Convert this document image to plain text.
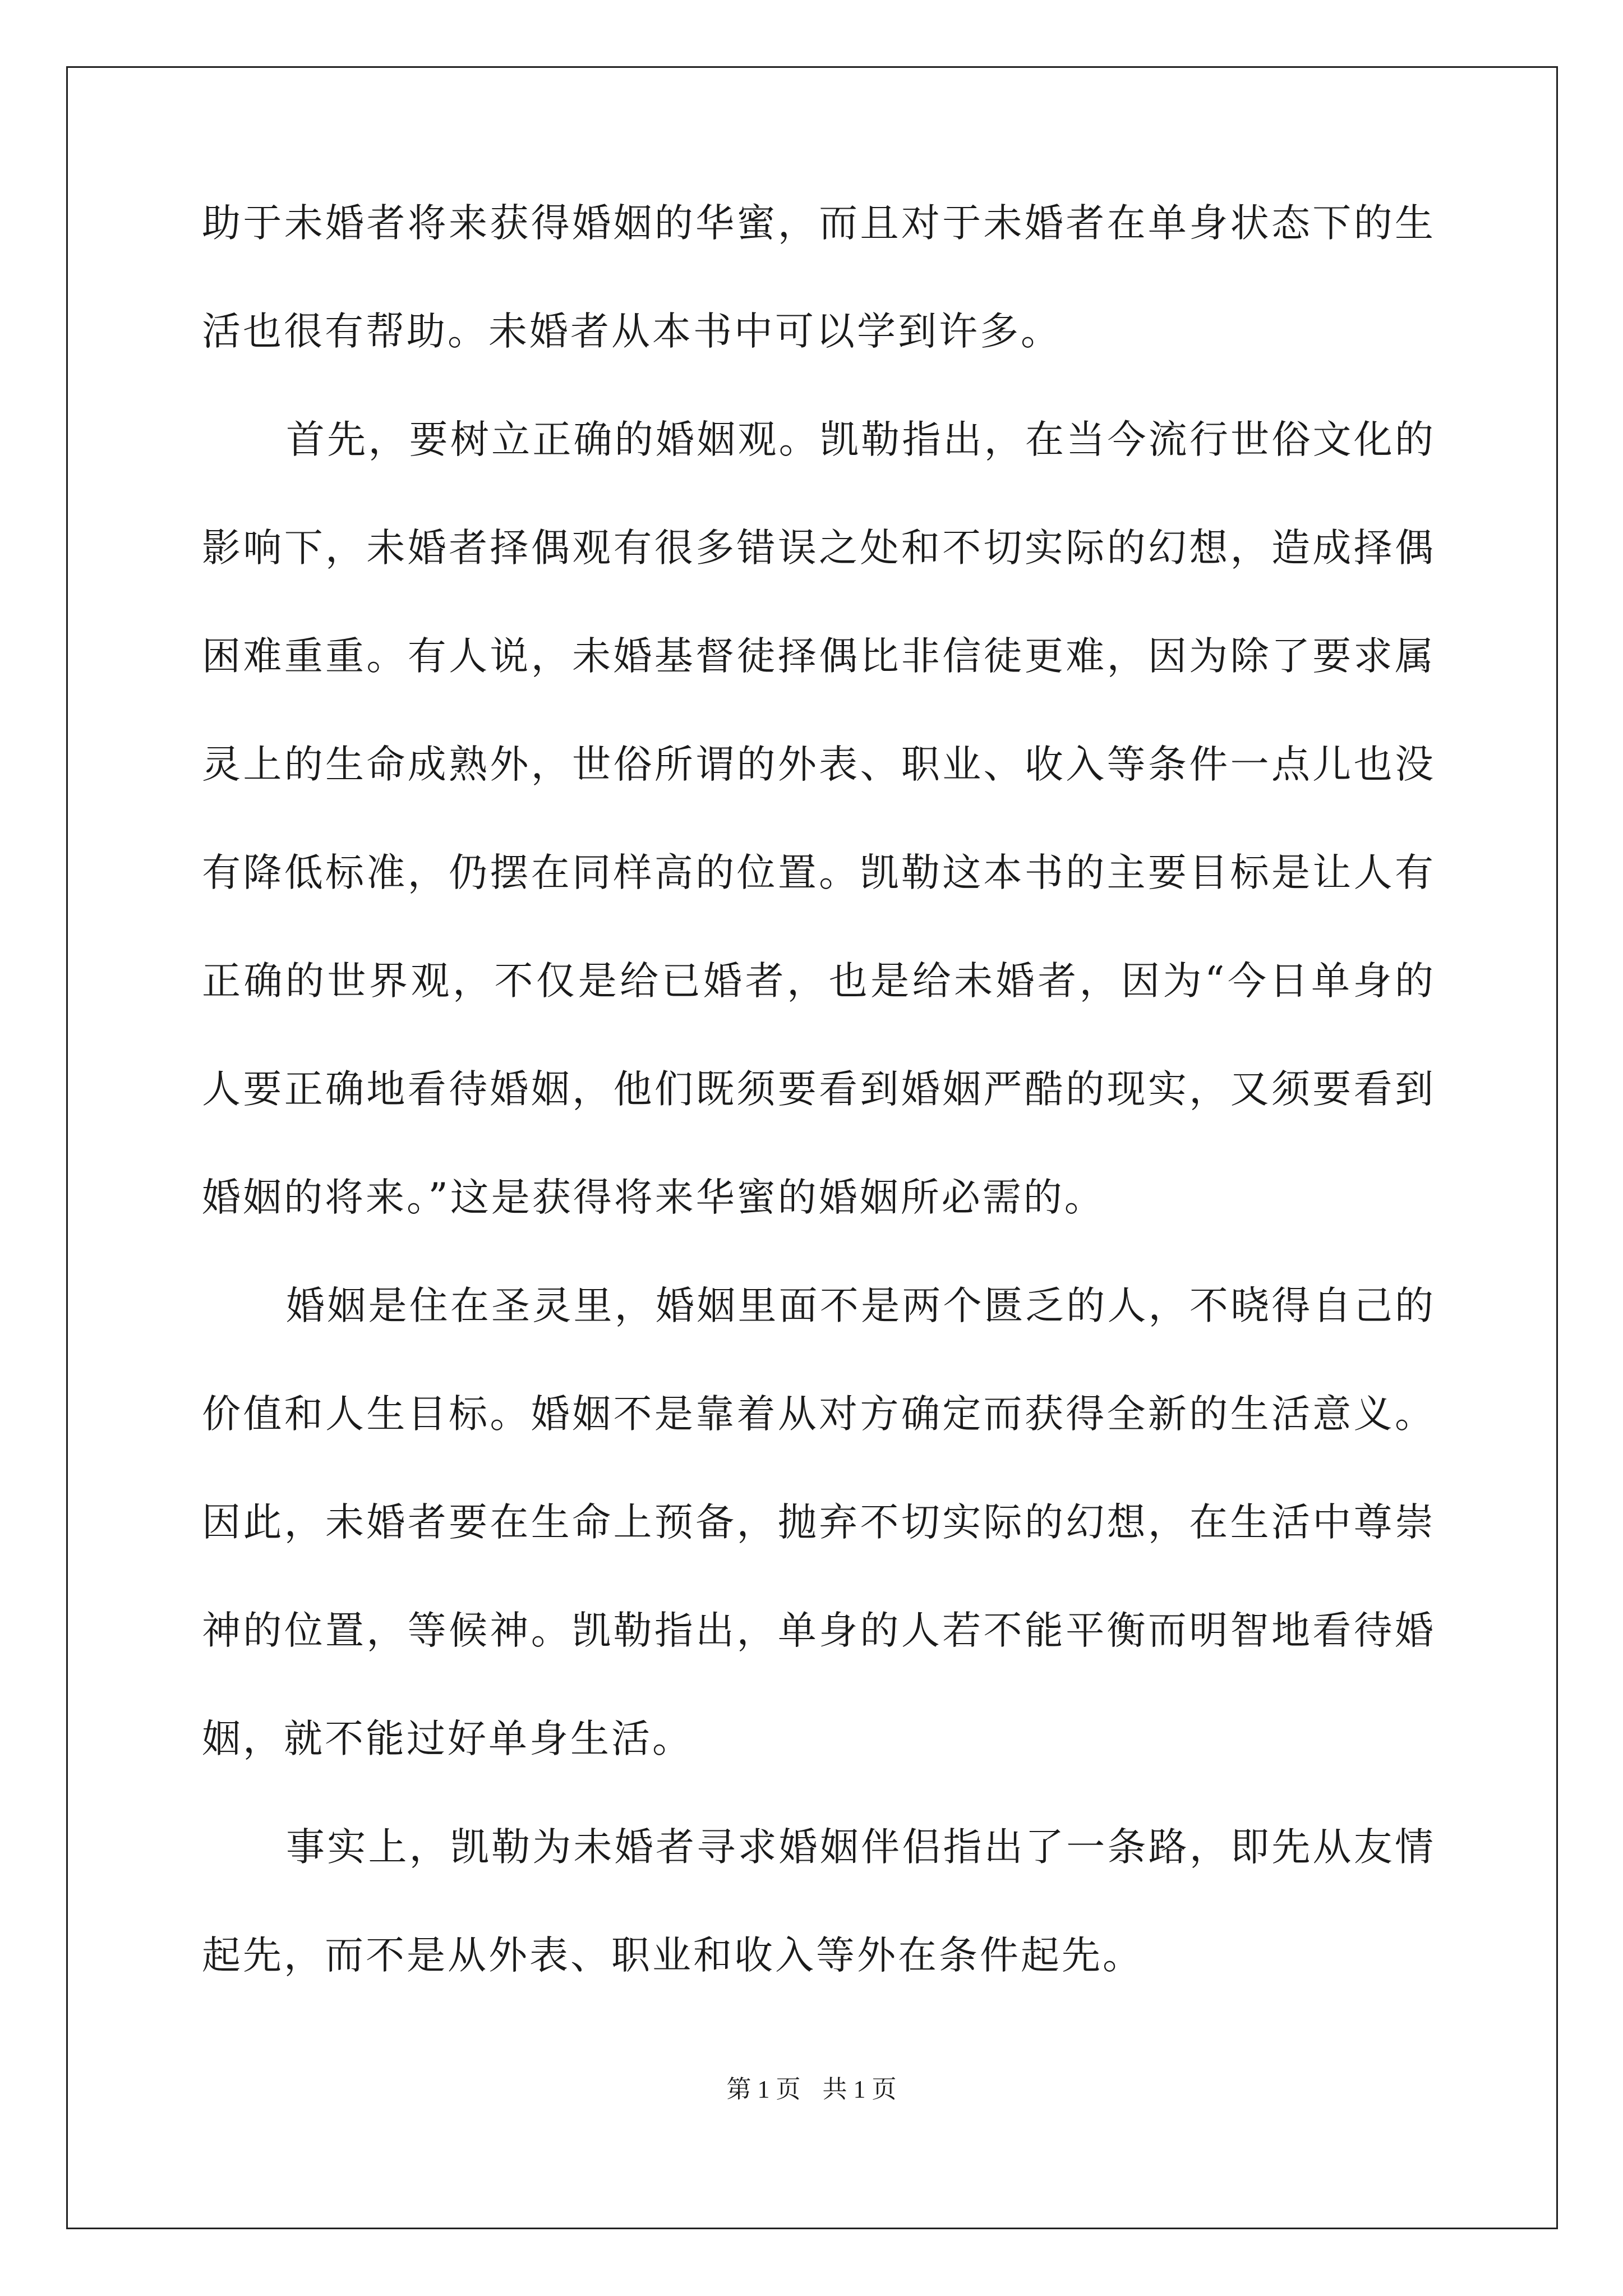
助于未婚者将来获得婚姻的华蜜，而且对于未婚者在单身状态下的生
活也很有帮助。未婚者从本书中可以学到许多。
首先，要树立正确的婚姻观。凯勒指出，在当今流行世俗文化的
影响下，未婚者择偶观有很多错误之处和不切实际的幻想，造成择偶
困难重重。有人说，未婚基督徒择偶比非信徒更难，因为除了要求属
灵上的生命成熟外，世俗所谓的外表、职业、收入等条件一点儿也没
有降低标准，仍摆在同样高的位置。凯勒这本书的主要目标是让人有
正确的世界观，不仅是给已婚者，也是给未婚者，因为“今日单身的
人要正确地看待婚姻，他们既须要看到婚姻严酷的现实，又须要看到
婚姻的将来。”这是获得将来华蜜的婚姻所必需的。
婚姻是住在圣灵里，婚姻里面不是两个匮乏的人，不晓得自己的
价值和人生目标。婚姻不是靠着从对方确定而获得全新的生活意义。
因此，未婚者要在生命上预备，抛弃不切实际的幻想，在生活中尊崇
神的位置，等候神。凯勒指出，单身的人若不能平衡而明智地看待婚
姻，就不能过好单身生活。
事实上，凯勒为未婚者寻求婚姻伴侣指出了一条路，即先从友情
起先，而不是从外表、职业和收入等外在条件起先。
第 1 页 共 1 页
